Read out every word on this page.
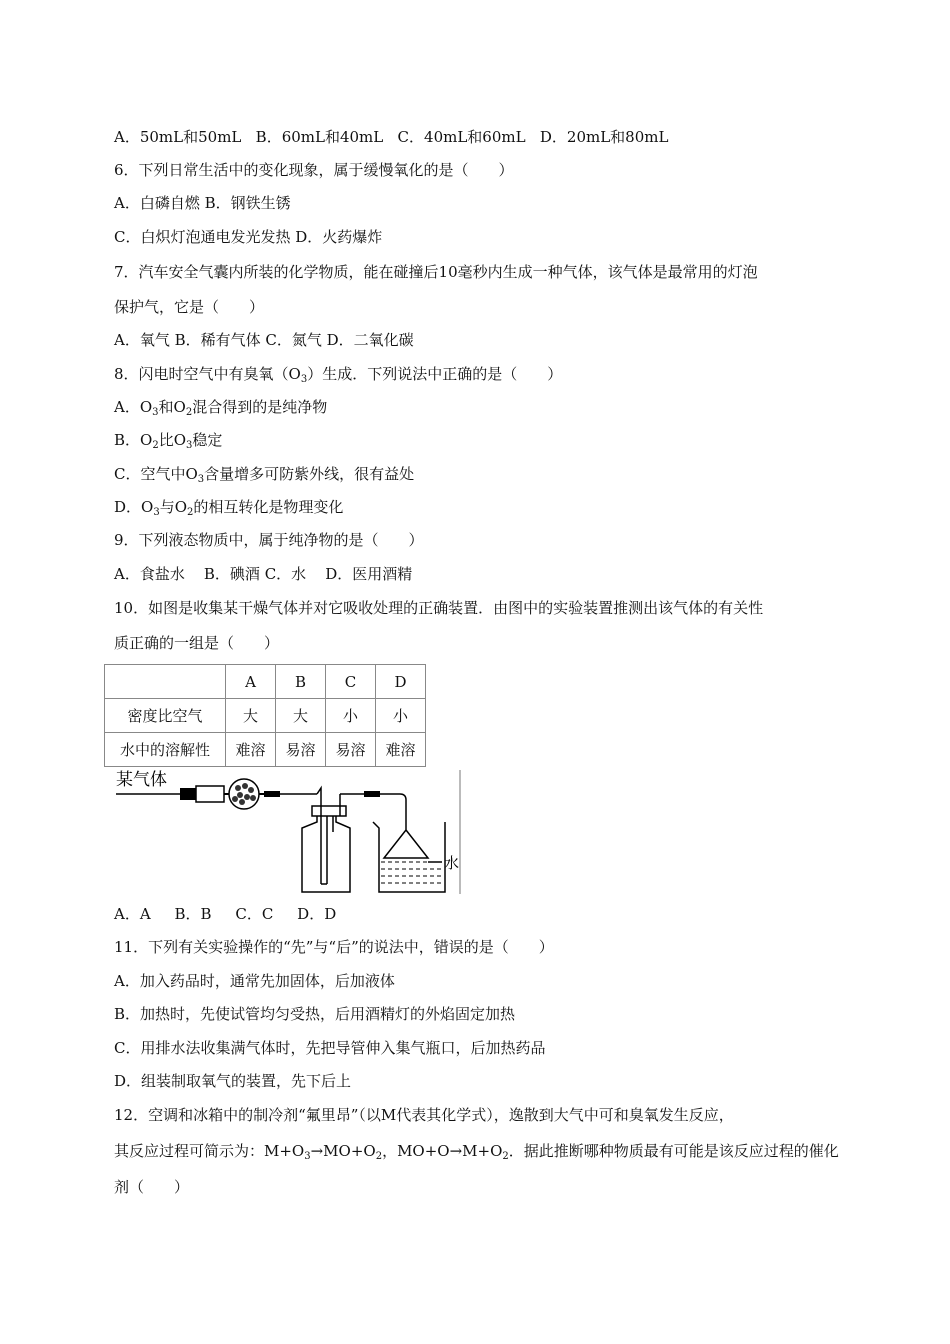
A．50mL和50mL   B．60mL和40mL   C．40mL和60mL   D．20mL和80mL
6．下列日常生活中的变化现象，属于缓慢氧化的是（　　）
A．白磷自燃 B．钢铁生锈
C．白炽灯泡通电发光发热 D．火药爆炸
7．汽车安全气囊内所装的化学物质，能在碰撞后10毫秒内生成一种气体，该气体是最常用的灯泡
保护气，它是（　　）
A．氧气 B．稀有气体 C．氮气 D．二氧化碳
8．闪电时空气中有臭氧$(O_3)$生成．下列说法中正确的是（　　）
A．$O_3$和$O_2$混合得到的是纯净物
B．$O_2$比$O_3$稳定
C．空气中$O_3$含量增多可防紫外线，很有益处
D．$O_3$与$O_2$的相互转化是物理变化
9．下列液态物质中，属于纯净物的是（　　）
A．食盐水    B．碘酒 C．水    D．医用酒精
10．如图是收集某干燥气体并对它吸收处理的正确装置．由图中的实验装置推测出该气体的有关性
质正确的一组是（　　）
	A	B	C	D
密度比空气	大	大	小	小
水中的溶解性	难溶	易溶	易溶	难溶
某气体
水
A．A     B．B     C．C     D．D
11．下列有关实验操作的“先”与“后”的说法中，错误的是（　　）
A．加入药品时，通常先加固体，后加液体
B．加热时，先使试管均匀受热，后用酒精灯的外焰固定加热
C．用排水法收集满气体时，先把导管伸入集气瓶口，后加热药品
D．组装制取氧气的装置，先下后上
12．空调和冰箱中的制冷剂“氟里昂”（以M代表其化学式），逸散到大气中可和臭氧发生反应，
其反应过程可简示为：$M+O_3\to MO+O_2$，$MO+O\to M+O_2$．据此推断哪种物质最有可能是该反应过程的催化
剂（　　）
